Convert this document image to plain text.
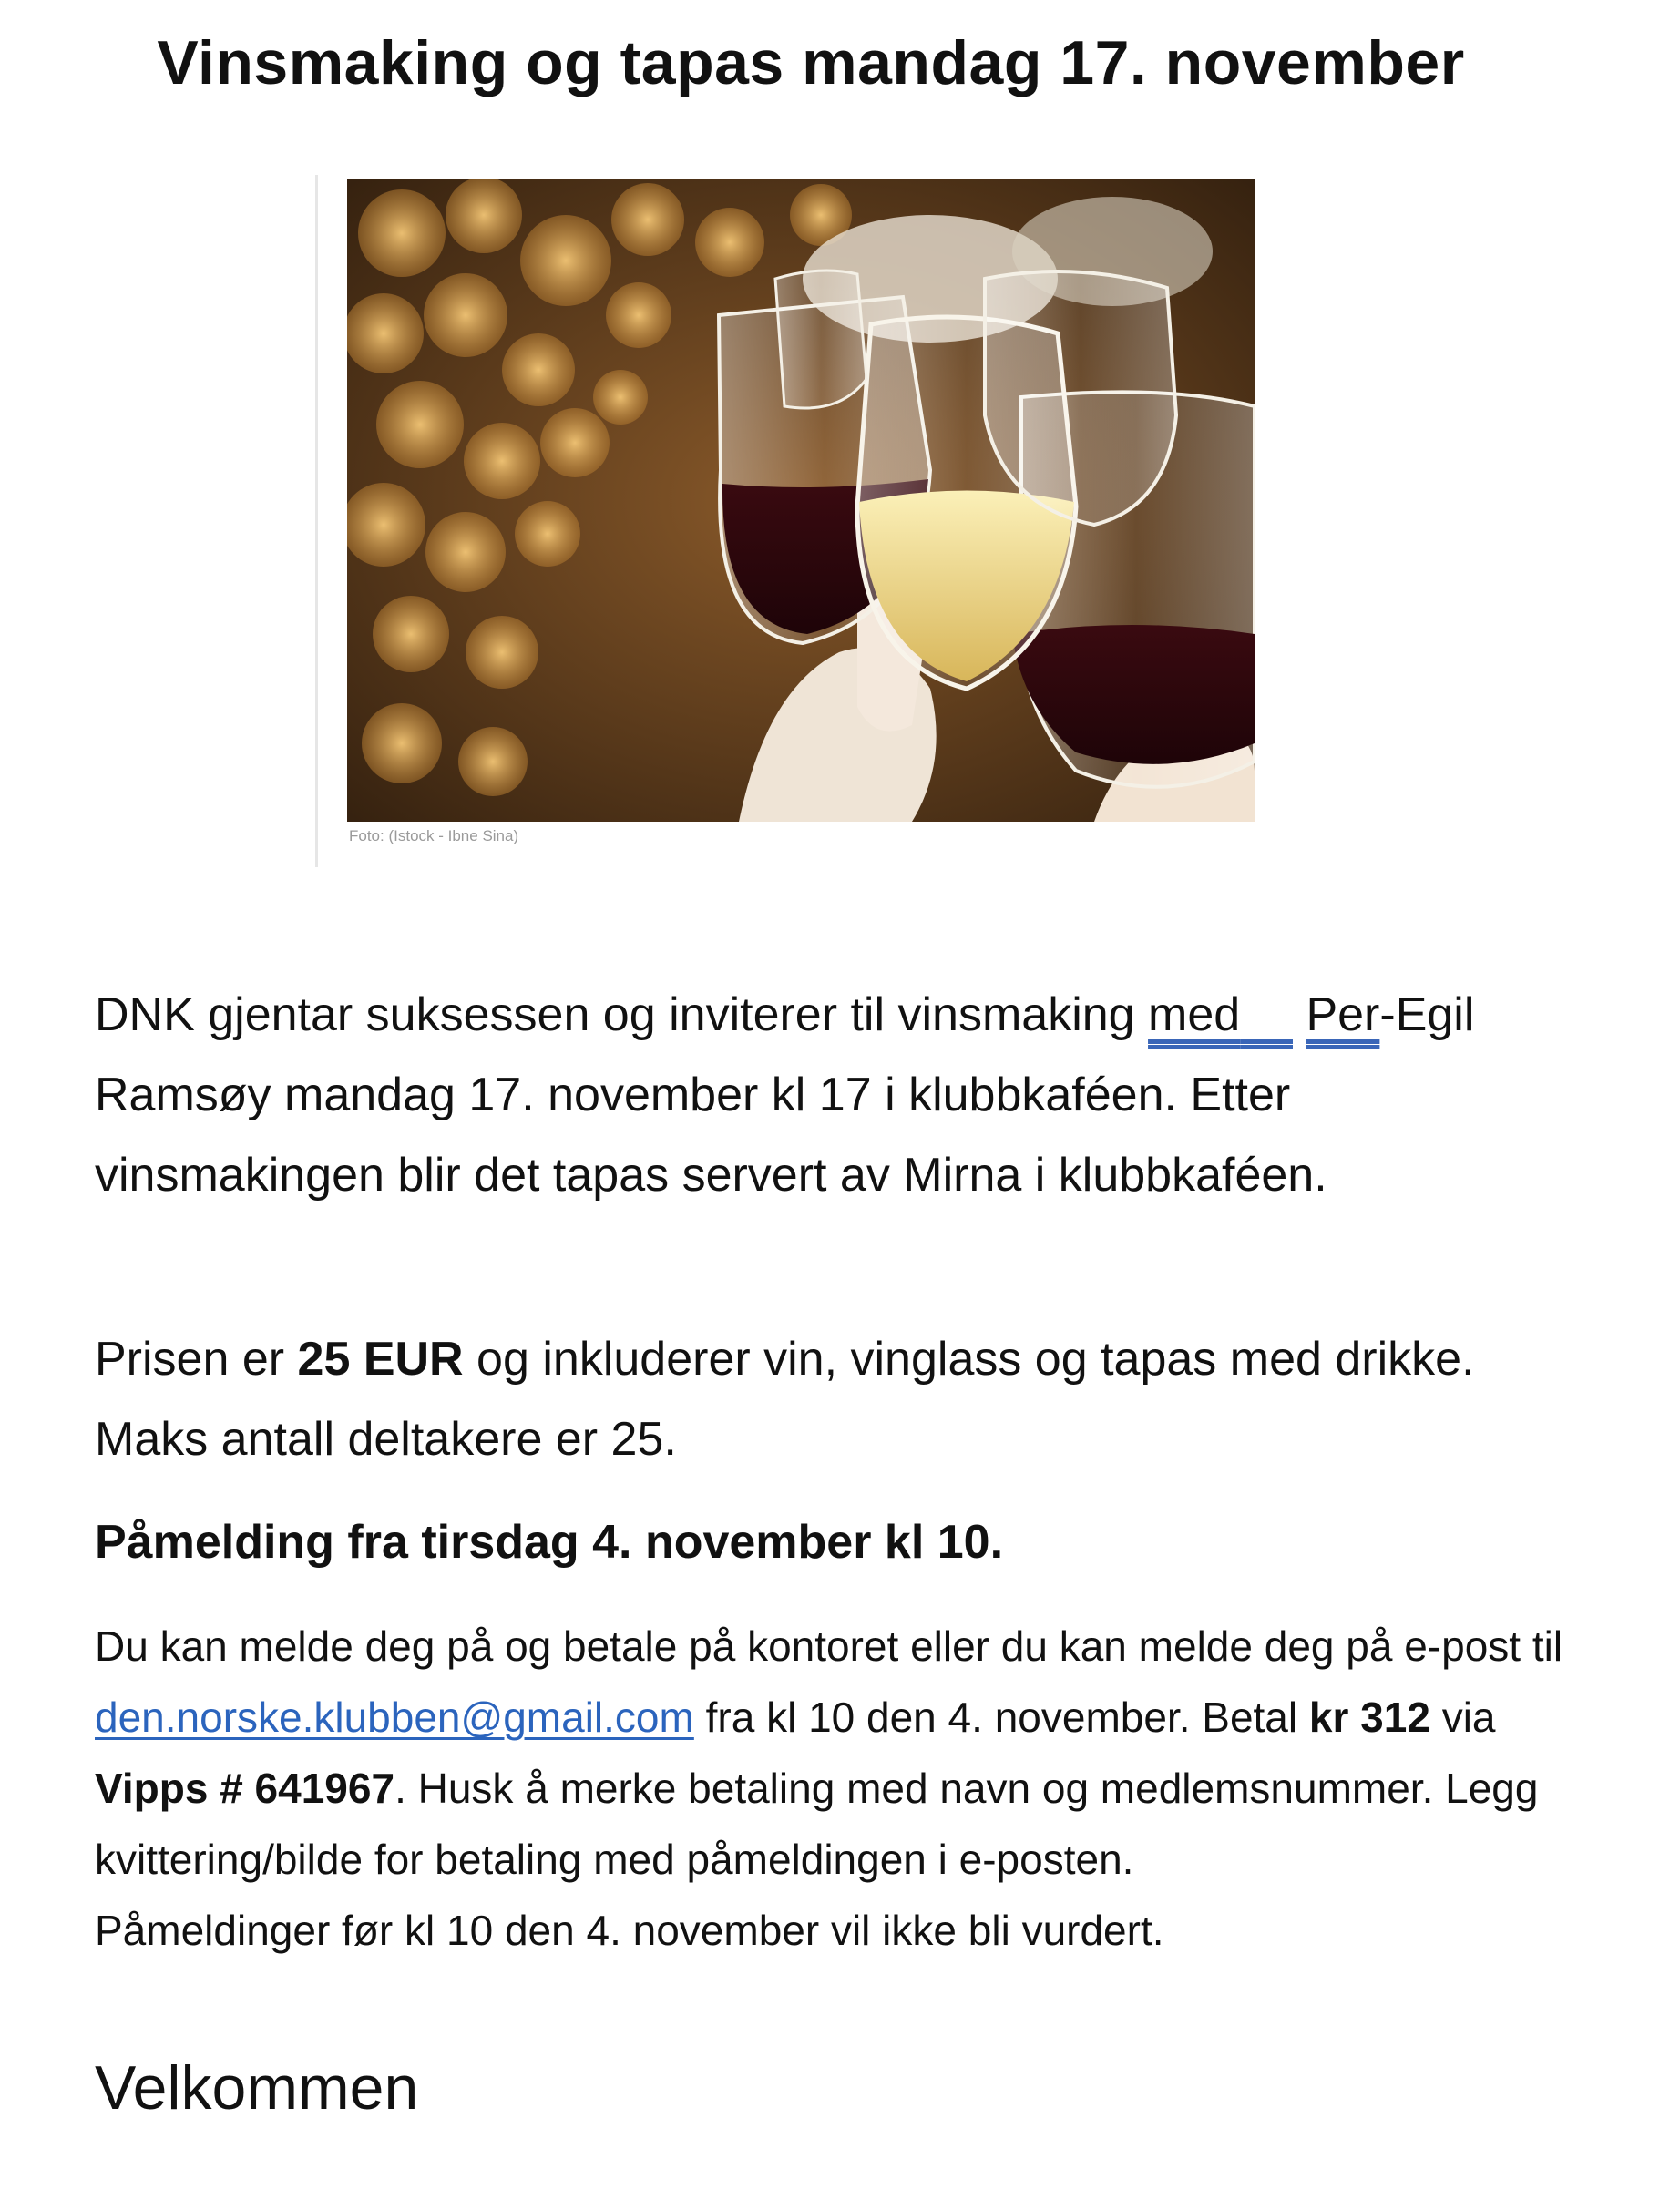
Vinsmaking og tapas mandag 17. november
Foto: (Istock - Ibne Sina)

DNK gjentar suksessen og inviterer til vinsmaking med Per-Egil Ramsøy mandag 17. november kl 17 i klubbkaféen. Etter vinsmakingen blir det tapas servert av Mirna i klubbkaféen.

Prisen er 25 EUR og inkluderer vin, vinglass og tapas med drikke. Maks antall deltakere er 25.

Påmelding fra tirsdag 4. november kl 10.

Du kan melde deg på og betale på kontoret eller du kan melde deg på e-post til den.norske.klubben@gmail.com fra kl 10 den 4. november. Betal kr 312 via Vipps # 641967. Husk å merke betaling med navn og medlemsnummer. Legg kvittering/bilde for betaling med påmeldingen i e-posten.
Påmeldinger før kl 10 den 4. november vil ikke bli vurdert.
Velkommen
